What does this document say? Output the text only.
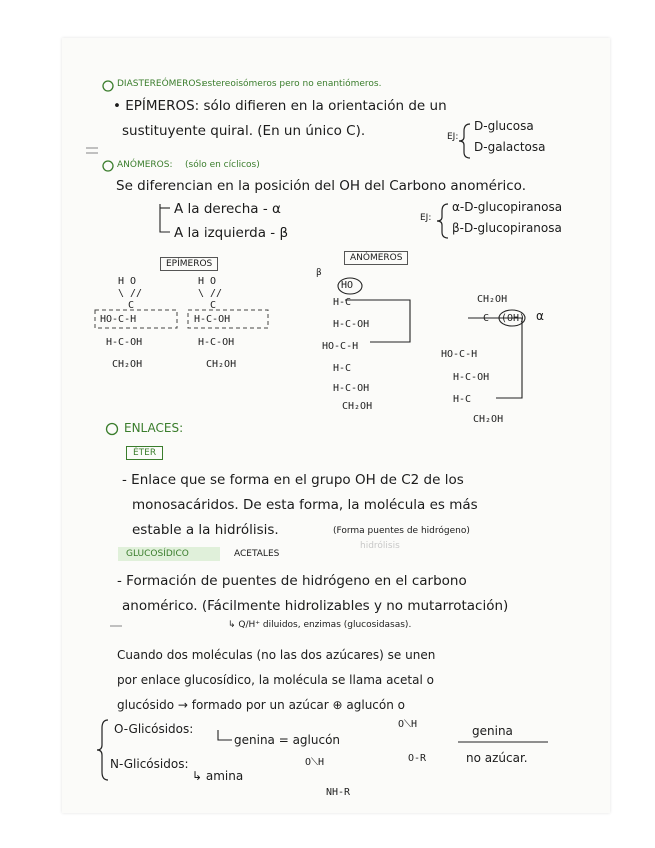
DIASTEREÓMEROS:
estereoisómeros pero no enantiómeros.
• EPÍMEROS: sólo difieren en la orientación de un
sustituyente quiral. (En un único C).	EJ:
D-glucosa
D-galactosa
ANÓMEROS: (sólo en cíclicos)
Se diferencian en la posición del OH del Carbono anomérico.
A la derecha - α
A la izquierda - β
EJ:
α-D-glucopiranosa
β-D-glucopiranosa
EPÍMEROS
ANÓMEROS
β
α
H O
\ //
C
HO-C-H
H-C-OH
CH₂OH
H O
\ //
C
H-C-OH
H-C-OH
CH₂OH
HO
H-C
H-C-OH
HO-C-H
H-C
H-C-OH
CH₂OH
CH₂OH
C (OH)
HO-C-H
H-C-OH
H-C
CH₂OH
ENLACES:
ÉTER
- Enlace que se forma en el grupo OH de C2 de los
monosacáridos. De esta forma, la molécula es más
estable a la hidrólisis.	(Forma puentes de hidrógeno)
hidrólisis
GLUCOSÍDICO	ACETALES
- Formación de puentes de hidrógeno en el carbono
anomérico. (Fácilmente hidrolizables y no mutarrotación)
↳ Q/H⁺ diluidos, enzimas (glucosidasas).
Cuando dos moléculas (no las dos azúcares) se unen
por enlace glucosídico, la molécula se llama acetal o
glucósido → formado por un azúcar ⊕ aglucón o
O-Glicósidos:
genina = aglucón
O⟍H
O-R
genina
no azúcar.
N-Glicósidos:
↳ amina
O⟍H
NH-R
